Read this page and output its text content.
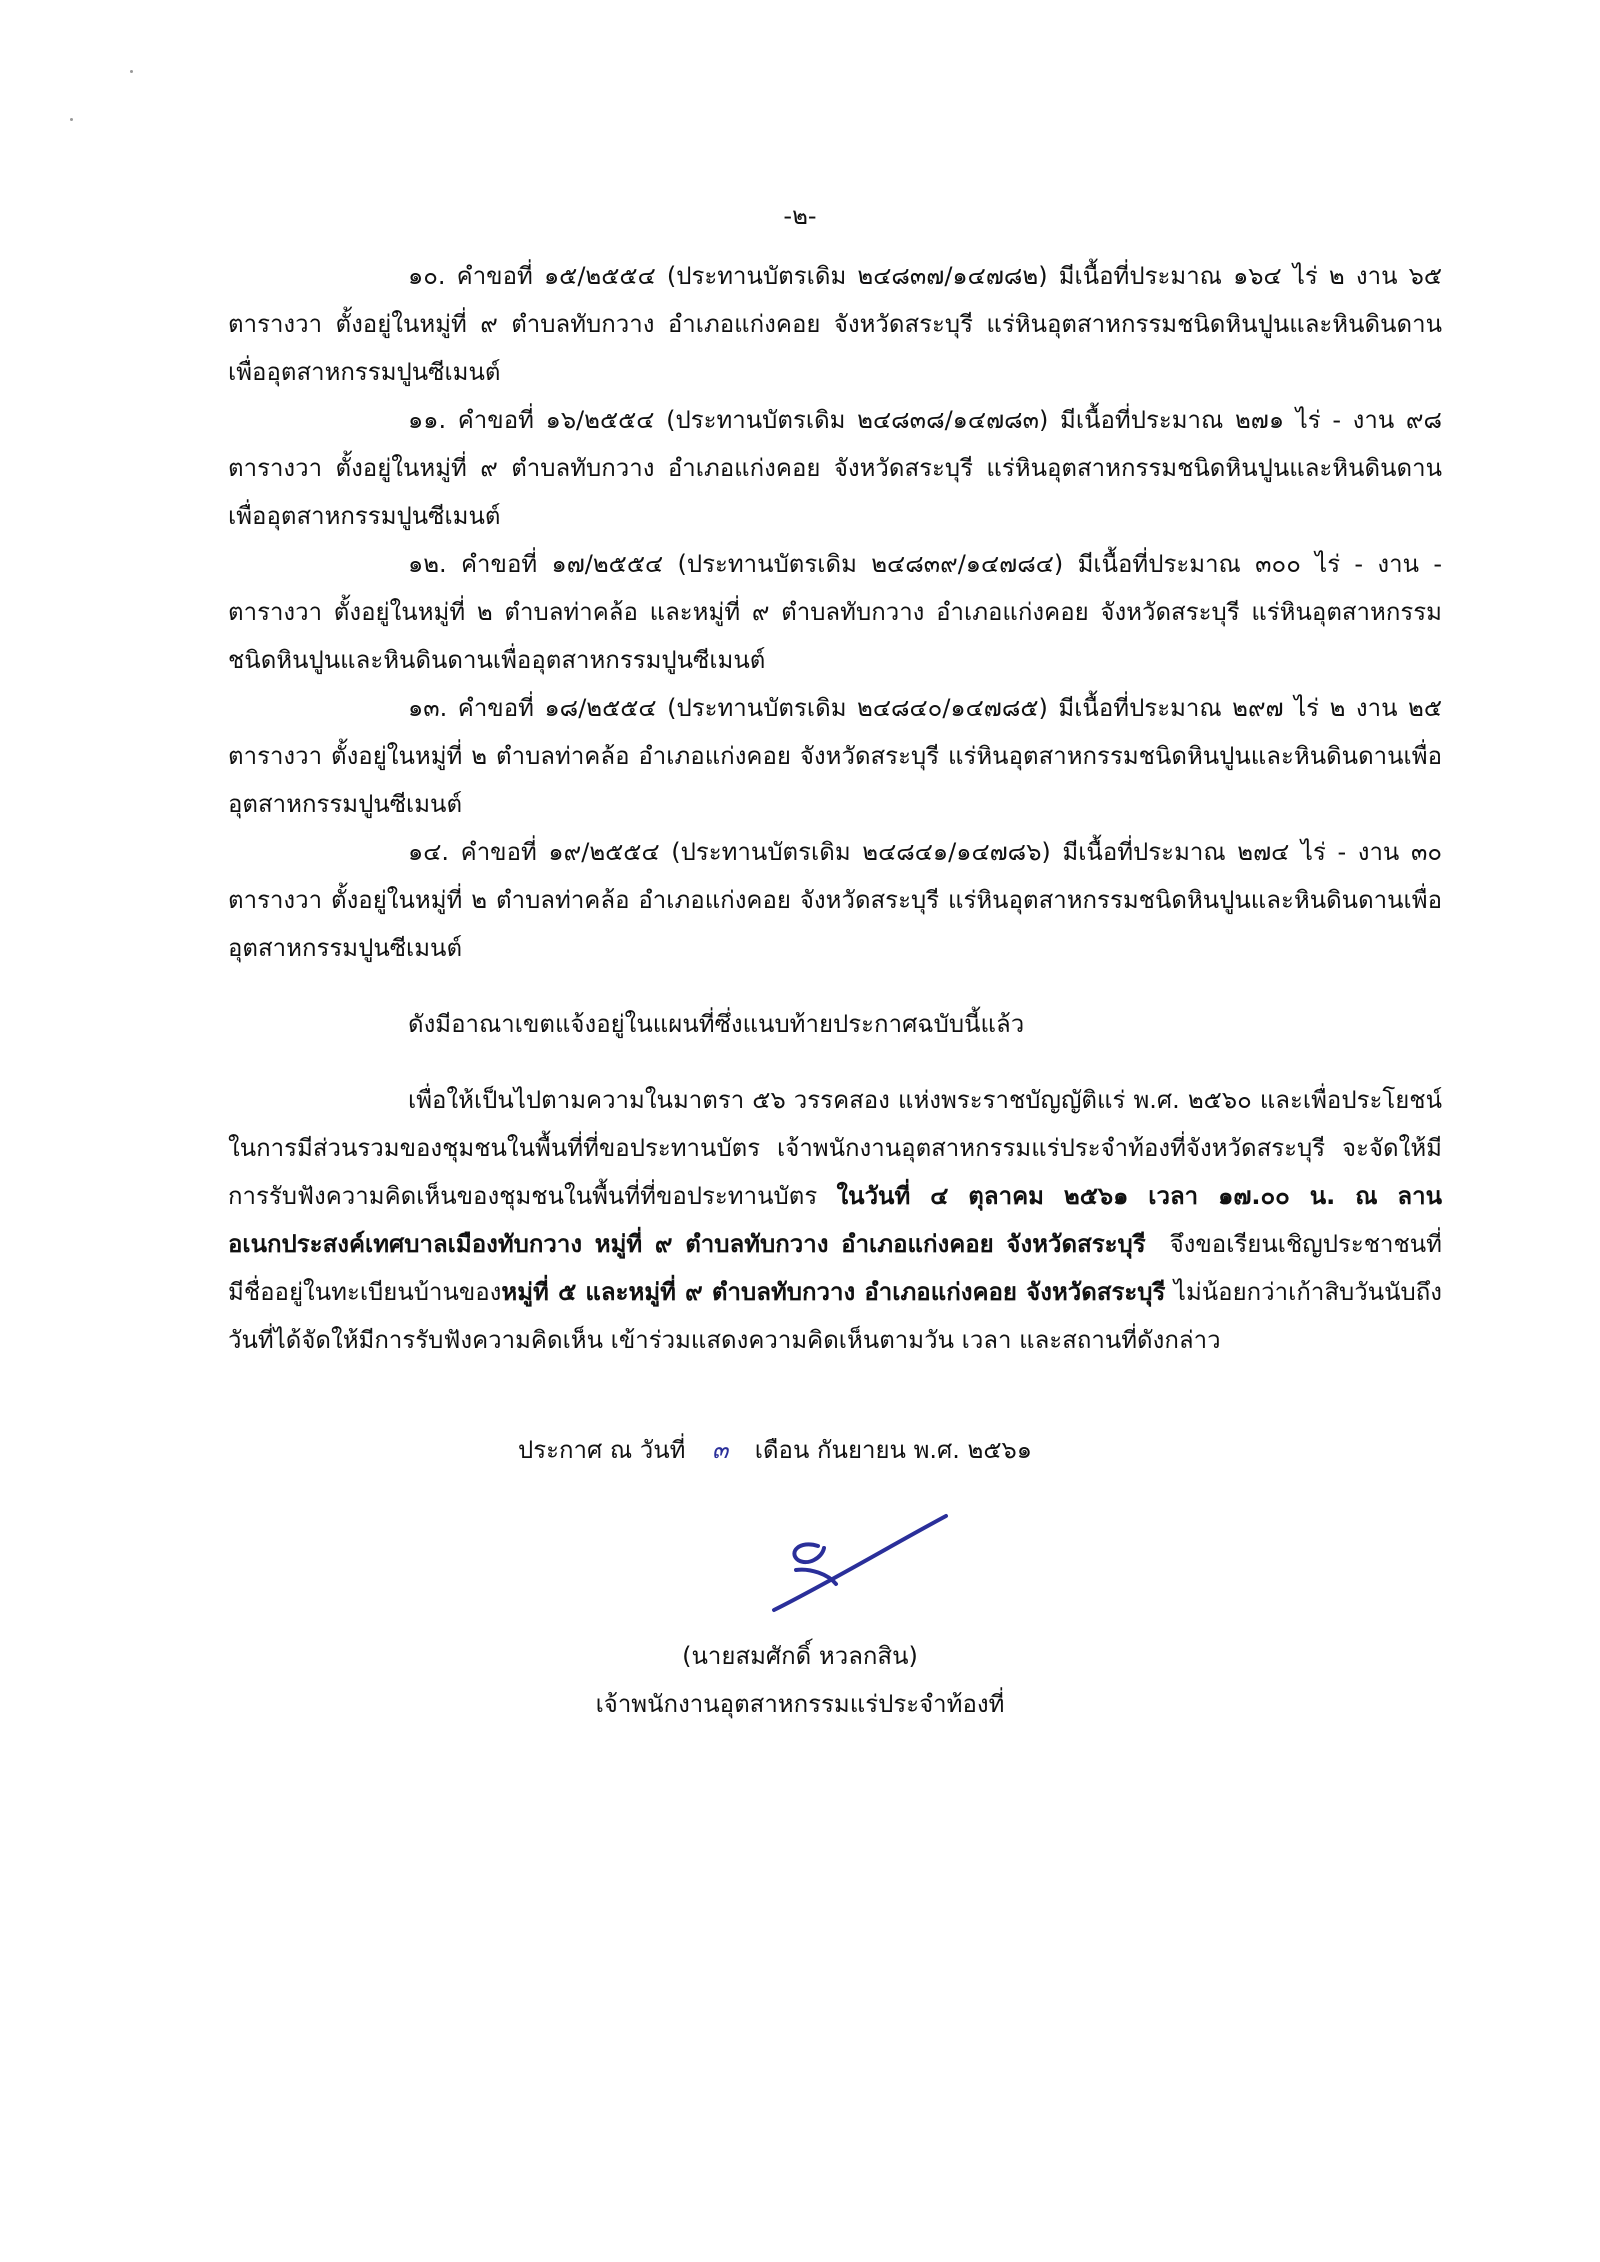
-๒-

๑๐. คำขอที่ ๑๕/๒๕๕๔ (ประทานบัตรเดิม ๒๔๘๓๗/๑๔๗๘๒) มีเนื้อที่ประมาณ ๑๖๔ ไร่ ๒ งาน ๖๕ ตารางวา ตั้งอยู่ในหมู่ที่ ๙ ตำบลทับกวาง อำเภอแก่งคอย จังหวัดสระบุรี แร่หินอุตสาหกรรมชนิดหินปูนและหินดินดานเพื่ออุตสาหกรรมปูนซีเมนต์

๑๑. คำขอที่ ๑๖/๒๕๕๔ (ประทานบัตรเดิม ๒๔๘๓๘/๑๔๗๘๓) มีเนื้อที่ประมาณ ๒๗๑ ไร่ - งาน ๙๘ ตารางวา ตั้งอยู่ในหมู่ที่ ๙ ตำบลทับกวาง อำเภอแก่งคอย จังหวัดสระบุรี แร่หินอุตสาหกรรมชนิดหินปูนและหินดินดานเพื่ออุตสาหกรรมปูนซีเมนต์

๑๒. คำขอที่ ๑๗/๒๕๕๔ (ประทานบัตรเดิม ๒๔๘๓๙/๑๔๗๘๔) มีเนื้อที่ประมาณ ๓๐๐ ไร่ - งาน - ตารางวา ตั้งอยู่ในหมู่ที่ ๒ ตำบลท่าคล้อ และหมู่ที่ ๙ ตำบลทับกวาง อำเภอแก่งคอย จังหวัดสระบุรี แร่หินอุตสาหกรรมชนิดหินปูนและหินดินดานเพื่ออุตสาหกรรมปูนซีเมนต์

๑๓. คำขอที่ ๑๘/๒๕๕๔ (ประทานบัตรเดิม ๒๔๘๔๐/๑๔๗๘๕) มีเนื้อที่ประมาณ ๒๙๗ ไร่ ๒ งาน ๒๕ ตารางวา ตั้งอยู่ในหมู่ที่ ๒ ตำบลท่าคล้อ อำเภอแก่งคอย จังหวัดสระบุรี แร่หินอุตสาหกรรมชนิดหินปูนและหินดินดานเพื่ออุตสาหกรรมปูนซีเมนต์

๑๔. คำขอที่ ๑๙/๒๕๕๔ (ประทานบัตรเดิม ๒๔๘๔๑/๑๔๗๘๖) มีเนื้อที่ประมาณ ๒๗๔ ไร่ - งาน ๓๐ ตารางวา ตั้งอยู่ในหมู่ที่ ๒ ตำบลท่าคล้อ อำเภอแก่งคอย จังหวัดสระบุรี แร่หินอุตสาหกรรมชนิดหินปูนและหินดินดานเพื่ออุตสาหกรรมปูนซีเมนต์

ดังมีอาณาเขตแจ้งอยู่ในแผนที่ซึ่งแนบท้ายประกาศฉบับนี้แล้ว

เพื่อให้เป็นไปตามความในมาตรา ๕๖ วรรคสอง แห่งพระราชบัญญัติแร่ พ.ศ. ๒๕๖๐ และเพื่อประโยชน์ในการมีส่วนรวมของชุมชนในพื้นที่ที่ขอประทานบัตร เจ้าพนักงานอุตสาหกรรมแร่ประจำท้องที่จังหวัดสระบุรี จะจัดให้มีการรับฟังความคิดเห็นของชุมชนในพื้นที่ที่ขอประทานบัตร ในวันที่ ๔ ตุลาคม ๒๕๖๑ เวลา ๑๗.๐๐ น. ณ ลานอเนกประสงค์เทศบาลเมืองทับกวาง หมู่ที่ ๙ ตำบลทับกวาง อำเภอแก่งคอย จังหวัดสระบุรี จึงขอเรียนเชิญประชาชนที่มีชื่ออยู่ในทะเบียนบ้านของหมู่ที่ ๕ และหมู่ที่ ๙ ตำบลทับกวาง อำเภอแก่งคอย จังหวัดสระบุรี ไม่น้อยกว่าเก้าสิบวันนับถึงวันที่ได้จัดให้มีการรับฟังความคิดเห็น เข้าร่วมแสดงความคิดเห็นตามวัน เวลา และสถานที่ดังกล่าว

ประกาศ ณ วันที่ ๓ เดือน กันยายน พ.ศ. ๒๕๖๑
(นายสมศักดิ์ หวลกสิน)
เจ้าพนักงานอุตสาหกรรมแร่ประจำท้องที่
